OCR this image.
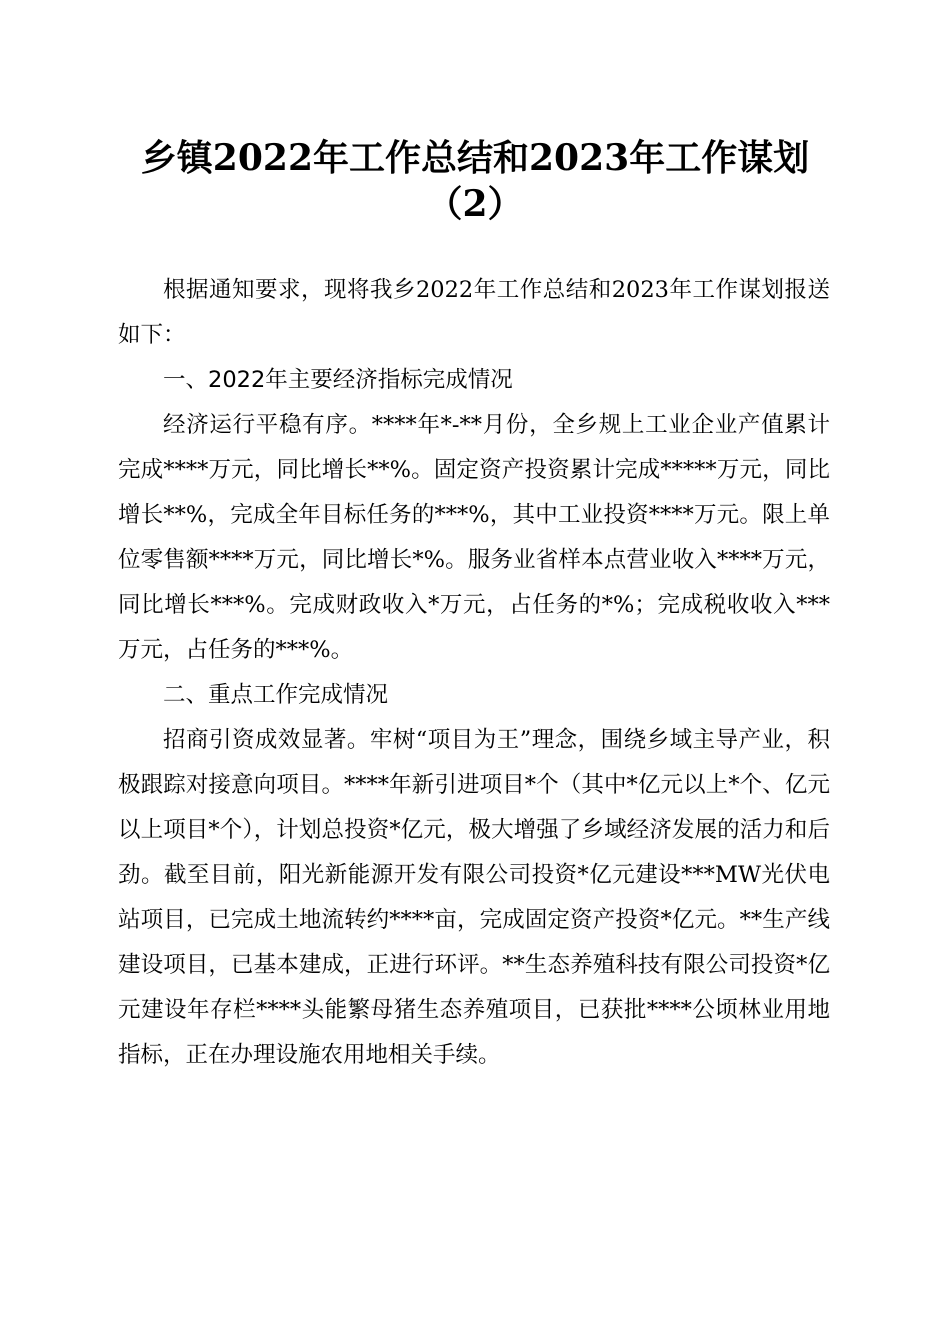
乡镇2022年工作总结和2023年工作谋划
（2）

根据通知要求，现将我乡2022年工作总结和2023年工作谋划报送如下：

一、2022年主要经济指标完成情况

经济运行平稳有序。****年*-**月份，全乡规上工业企业产值累计完成****万元，同比增长**%。固定资产投资累计完成*****万元，同比增长**%，完成全年目标任务的***%，其中工业投资****万元。限上单位零售额****万元，同比增长*%。服务业省样本点营业收入****万元，同比增长***%。完成财政收入*万元，占任务的*%；完成税收收入***万元，占任务的***%。

二、重点工作完成情况

招商引资成效显著。牢树“项目为王”理念，围绕乡域主导产业，积极跟踪对接意向项目。****年新引进项目*个（其中*亿元以上*个、亿元以上项目*个），计划总投资*亿元，极大增强了乡域经济发展的活力和后劲。截至目前，阳光新能源开发有限公司投资*亿元建设***MW光伏电站项目，已完成土地流转约****亩，完成固定资产投资*亿元。**生产线建设项目，已基本建成，正进行环评。**生态养殖科技有限公司投资*亿元建设年存栏****头能繁母猪生态养殖项目，已获批****公顷林业用地指标，正在办理设施农用地相关手续。
